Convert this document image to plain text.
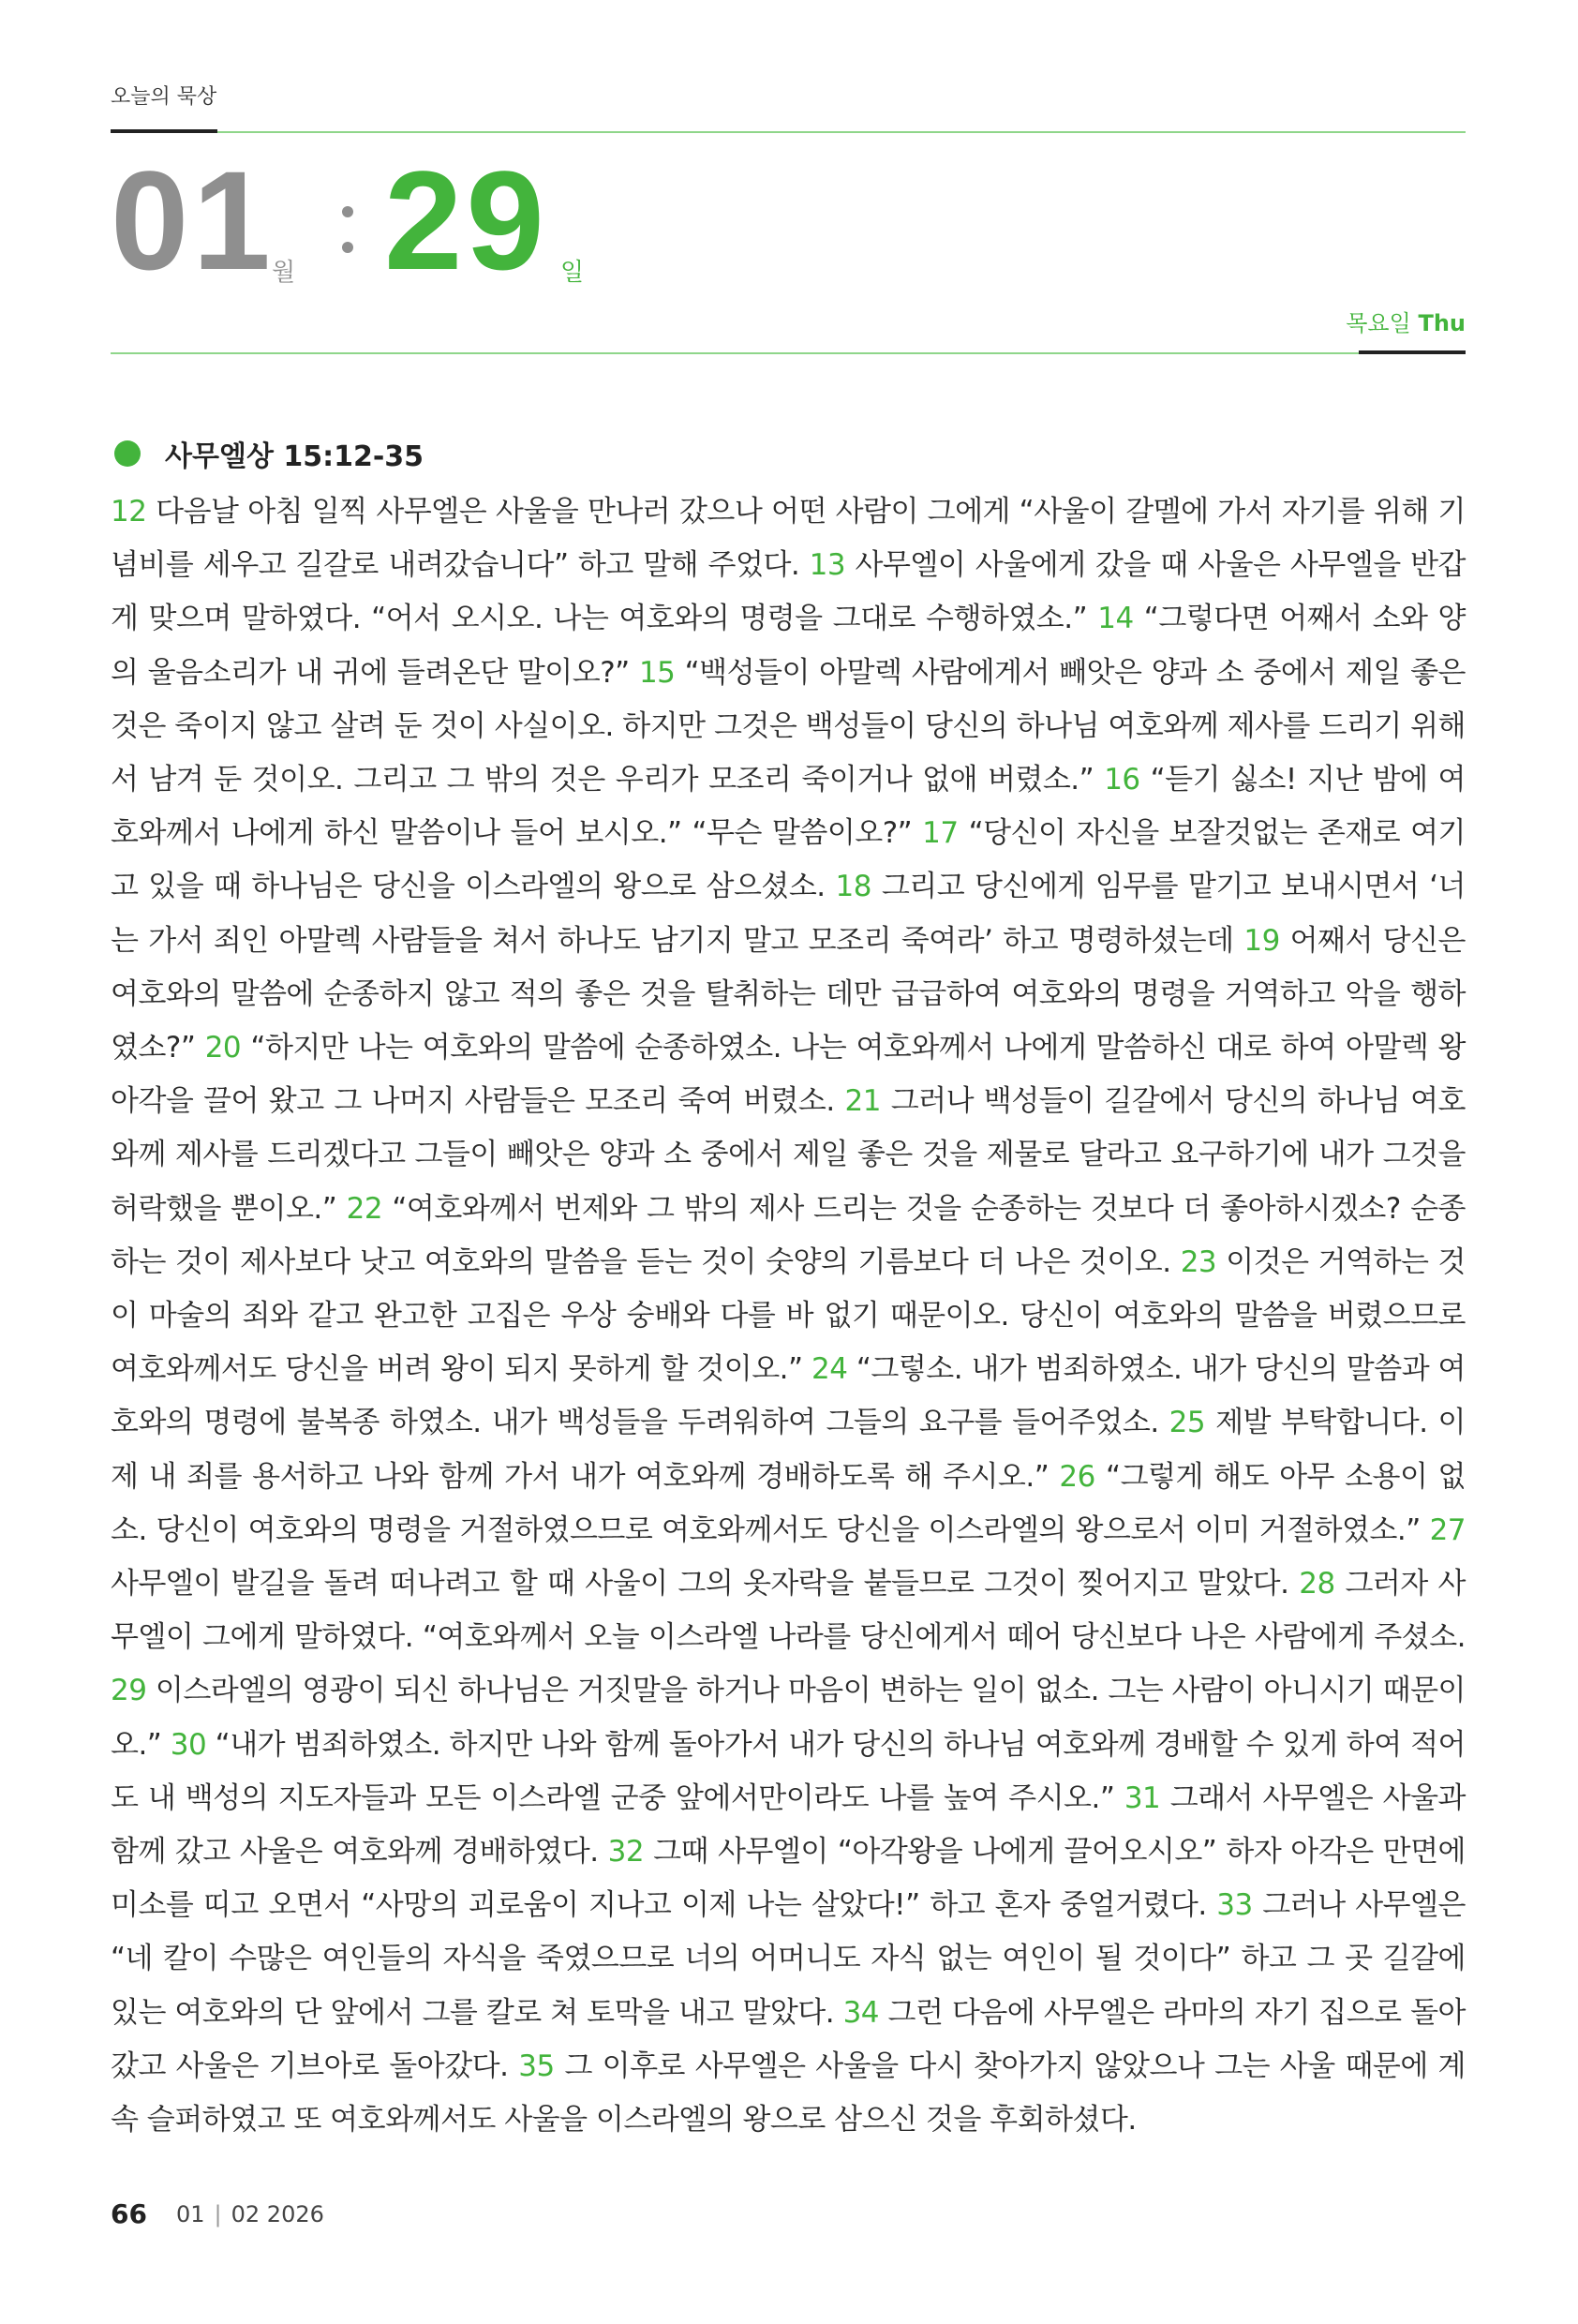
오늘의 묵상
01
월 29 일
목요일 Thu
사무엘상 15:12-35
12 다음날 아침 일찍 사무엘은 사울을 만나러 갔으나 어떤 사람이 그에게 “사울이 갈멜에 가서 자기를 위해 기념비를 세우고 길갈로 내려갔습니다” 하고 말해 주었다. 13 사무엘이 사울에게 갔을 때 사울은 사무엘을 반갑게 맞으며 말하였다. “어서 오시오. 나는 여호와의 명령을 그대로 수행하였소.” 14 “그렇다면 어째서 소와 양의 울음소리가 내 귀에 들려온단 말이오?” 15 “백성들이 아말렉 사람에게서 빼앗은 양과 소 중에서 제일 좋은 것은 죽이지 않고 살려 둔 것이 사실이오. 하지만 그것은 백성들이 당신의 하나님 여호와께 제사를 드리기 위해서 남겨 둔 것이오. 그리고 그 밖의 것은 우리가 모조리 죽이거나 없애 버렸소.” 16 “듣기 싫소! 지난 밤에 여호와께서 나에게 하신 말씀이나 들어 보시오.” “무슨 말씀이오?” 17 “당신이 자신을 보잘것없는 존재로 여기고 있을 때 하나님은 당신을 이스라엘의 왕으로 삼으셨소. 18 그리고 당신에게 임무를 맡기고 보내시면서 ‘너는 가서 죄인 아말렉 사람들을 쳐서 하나도 남기지 말고 모조리 죽여라’ 하고 명령하셨는데 19 어째서 당신은 여호와의 말씀에 순종하지 않고 적의 좋은 것을 탈취하는 데만 급급하여 여호와의 명령을 거역하고 악을 행하였소?” 20 “하지만 나는 여호와의 말씀에 순종하였소. 나는 여호와께서 나에게 말씀하신 대로 하여 아말렉 왕 아각을 끌어 왔고 그 나머지 사람들은 모조리 죽여 버렸소. 21 그러나 백성들이 길갈에서 당신의 하나님 여호와께 제사를 드리겠다고 그들이 빼앗은 양과 소 중에서 제일 좋은 것을 제물로 달라고 요구하기에 내가 그것을 허락했을 뿐이오.” 22 “여호와께서 번제와 그 밖의 제사 드리는 것을 순종하는 것보다 더 좋아하시겠소? 순종하는 것이 제사보다 낫고 여호와의 말씀을 듣는 것이 숫양의 기름보다 더 나은 것이오. 23 이것은 거역하는 것이 마술의 죄와 같고 완고한 고집은 우상 숭배와 다를 바 없기 때문이오. 당신이 여호와의 말씀을 버렸으므로 여호와께서도 당신을 버려 왕이 되지 못하게 할 것이오.” 24 “그렇소. 내가 범죄하였소. 내가 당신의 말씀과 여호와의 명령에 불복종 하였소. 내가 백성들을 두려워하여 그들의 요구를 들어주었소. 25 제발 부탁합니다. 이제 내 죄를 용서하고 나와 함께 가서 내가 여호와께 경배하도록 해 주시오.” 26 “그렇게 해도 아무 소용이 없소. 당신이 여호와의 명령을 거절하였으므로 여호와께서도 당신을 이스라엘의 왕으로서 이미 거절하였소.” 27 사무엘이 발길을 돌려 떠나려고 할 때 사울이 그의 옷자락을 붙들므로 그것이 찢어지고 말았다. 28 그러자 사무엘이 그에게 말하였다. “여호와께서 오늘 이스라엘 나라를 당신에게서 떼어 당신보다 나은 사람에게 주셨소. 29 이스라엘의 영광이 되신 하나님은 거짓말을 하거나 마음이 변하는 일이 없소. 그는 사람이 아니시기 때문이오.” 30 “내가 범죄하였소. 하지만 나와 함께 돌아가서 내가 당신의 하나님 여호와께 경배할 수 있게 하여 적어도 내 백성의 지도자들과 모든 이스라엘 군중 앞에서만이라도 나를 높여 주시오.” 31 그래서 사무엘은 사울과 함께 갔고 사울은 여호와께 경배하였다. 32 그때 사무엘이 “아각왕을 나에게 끌어오시오” 하자 아각은 만면에 미소를 띠고 오면서 “사망의 괴로움이 지나고 이제 나는 살았다!” 하고 혼자 중얼거렸다. 33 그러나 사무엘은 “네 칼이 수많은 여인들의 자식을 죽였으므로 너의 어머니도 자식 없는 여인이 될 것이다” 하고 그 곳 길갈에 있는 여호와의 단 앞에서 그를 칼로 쳐 토막을 내고 말았다. 34 그런 다음에 사무엘은 라마의 자기 집으로 돌아갔고 사울은 기브아로 돌아갔다. 35 그 이후로 사무엘은 사울을 다시 찾아가지 않았으나 그는 사울 때문에 계속 슬퍼하였고 또 여호와께서도 사울을 이스라엘의 왕으로 삼으신 것을 후회하셨다.
66 01 | 02 2026
